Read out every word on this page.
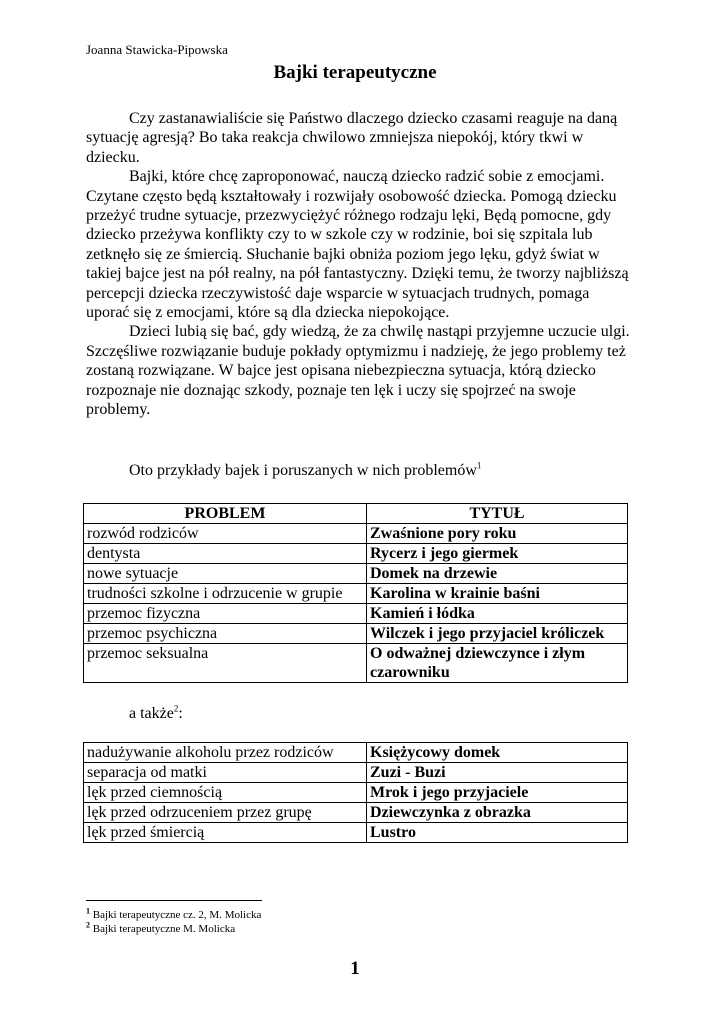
Joanna Stawicka-Pipowska
Bajki terapeutyczne

Czy zastanawialiście się Państwo dlaczego dziecko czasami reaguje na daną sytuację agresją? Bo taka reakcja chwilowo zmniejsza niepokój, który tkwi w dziecku.

Bajki, które chcę zaproponować, nauczą dziecko radzić sobie z emocjami. Czytane często będą kształtowały i rozwijały osobowość dziecka. Pomogą dziecku przeżyć trudne sytuacje, przezwyciężyć różnego rodzaju lęki, Będą pomocne, gdy dziecko przeżywa konflikty czy to w szkole czy w rodzinie, boi się szpitala lub zetknęło się ze śmiercią. Słuchanie bajki obniża poziom jego lęku, gdyż świat w takiej bajce jest na pół realny, na pół fantastyczny. Dzięki temu, że tworzy najbliższą percepcji dziecka rzeczywistość daje wsparcie w sytuacjach trudnych, pomaga uporać się z emocjami, które są dla dziecka niepokojące.

Dzieci lubią się bać, gdy wiedzą, że za chwilę nastąpi przyjemne uczucie ulgi. Szczęśliwe rozwiązanie buduje pokłady optymizmu i nadzieję, że jego problemy też zostaną rozwiązane. W bajce jest opisana niebezpieczna sytuacja, którą dziecko rozpoznaje nie doznając szkody, poznaje ten lęk i uczy się spojrzeć na swoje problemy.

Oto przykłady bajek i poruszanych w nich problemów$^1$
PROBLEM	TYTUŁ
rozwód rodziców	Zwaśnione pory roku
dentysta	Rycerz i jego giermek
nowe sytuacje	Domek na drzewie
trudności szkolne i odrzucenie w grupie	Karolina w krainie baśni
przemoc fizyczna	Kamień i łódka
przemoc psychiczna	Wilczek i jego przyjaciel króliczek
przemoc seksualna	O odważnej dziewczynce i złym czarowniku
a także$^2$:
nadużywanie alkoholu przez rodziców	Księżycowy domek
separacja od matki	Zuzi - Buzi
lęk przed ciemnością	Mrok i jego przyjaciele
lęk przed odrzuceniem przez grupę	Dziewczynka z obrazka
lęk przed śmiercią	Lustro
$^1$ Bajki terapeutyczne cz. 2, M. Molicka
$^2$ Bajki terapeutyczne M. Molicka
1
